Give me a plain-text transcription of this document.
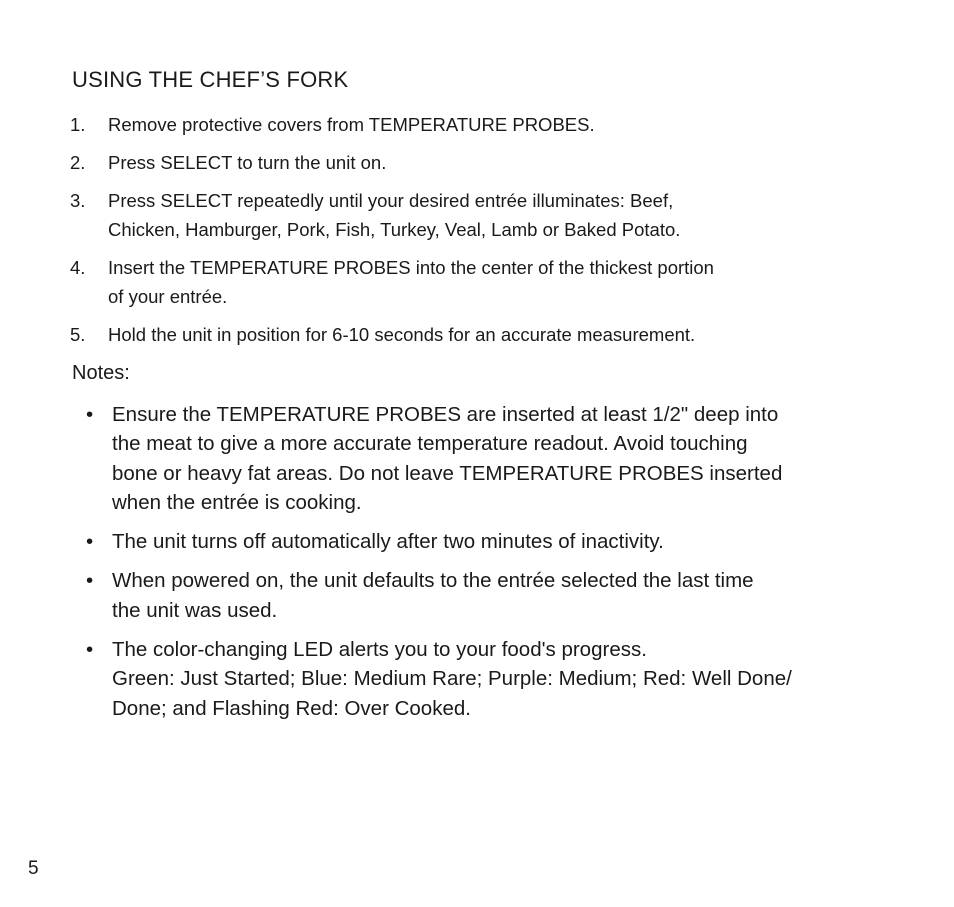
USING THE CHEF’S FORK
1. Remove protective covers from TEMPERATURE PROBES.
2. Press SELECT to turn the unit on.
3. Press SELECT repeatedly until your desired entrée illuminates: Beef,
Chicken, Hamburger, Pork, Fish, Turkey, Veal, Lamb or Baked Potato.
4. Insert the TEMPERATURE PROBES into the center of the thickest portion
of your entrée.
5. Hold the unit in position for 6-10 seconds for an accurate measurement.

Notes:

• Ensure the TEMPERATURE PROBES are inserted at least 1/2" deep into
the meat to give a more accurate temperature readout. Avoid touching
bone or heavy fat areas. Do not leave TEMPERATURE PROBES inserted
when the entrée is cooking.
• The unit turns off automatically after two minutes of inactivity.
• When powered on, the unit defaults to the entrée selected the last time
the unit was used.
• The color-changing LED alerts you to your food's progress.
Green: Just Started; Blue: Medium Rare; Purple: Medium; Red: Well Done/
Done; and Flashing Red: Over Cooked.
5
